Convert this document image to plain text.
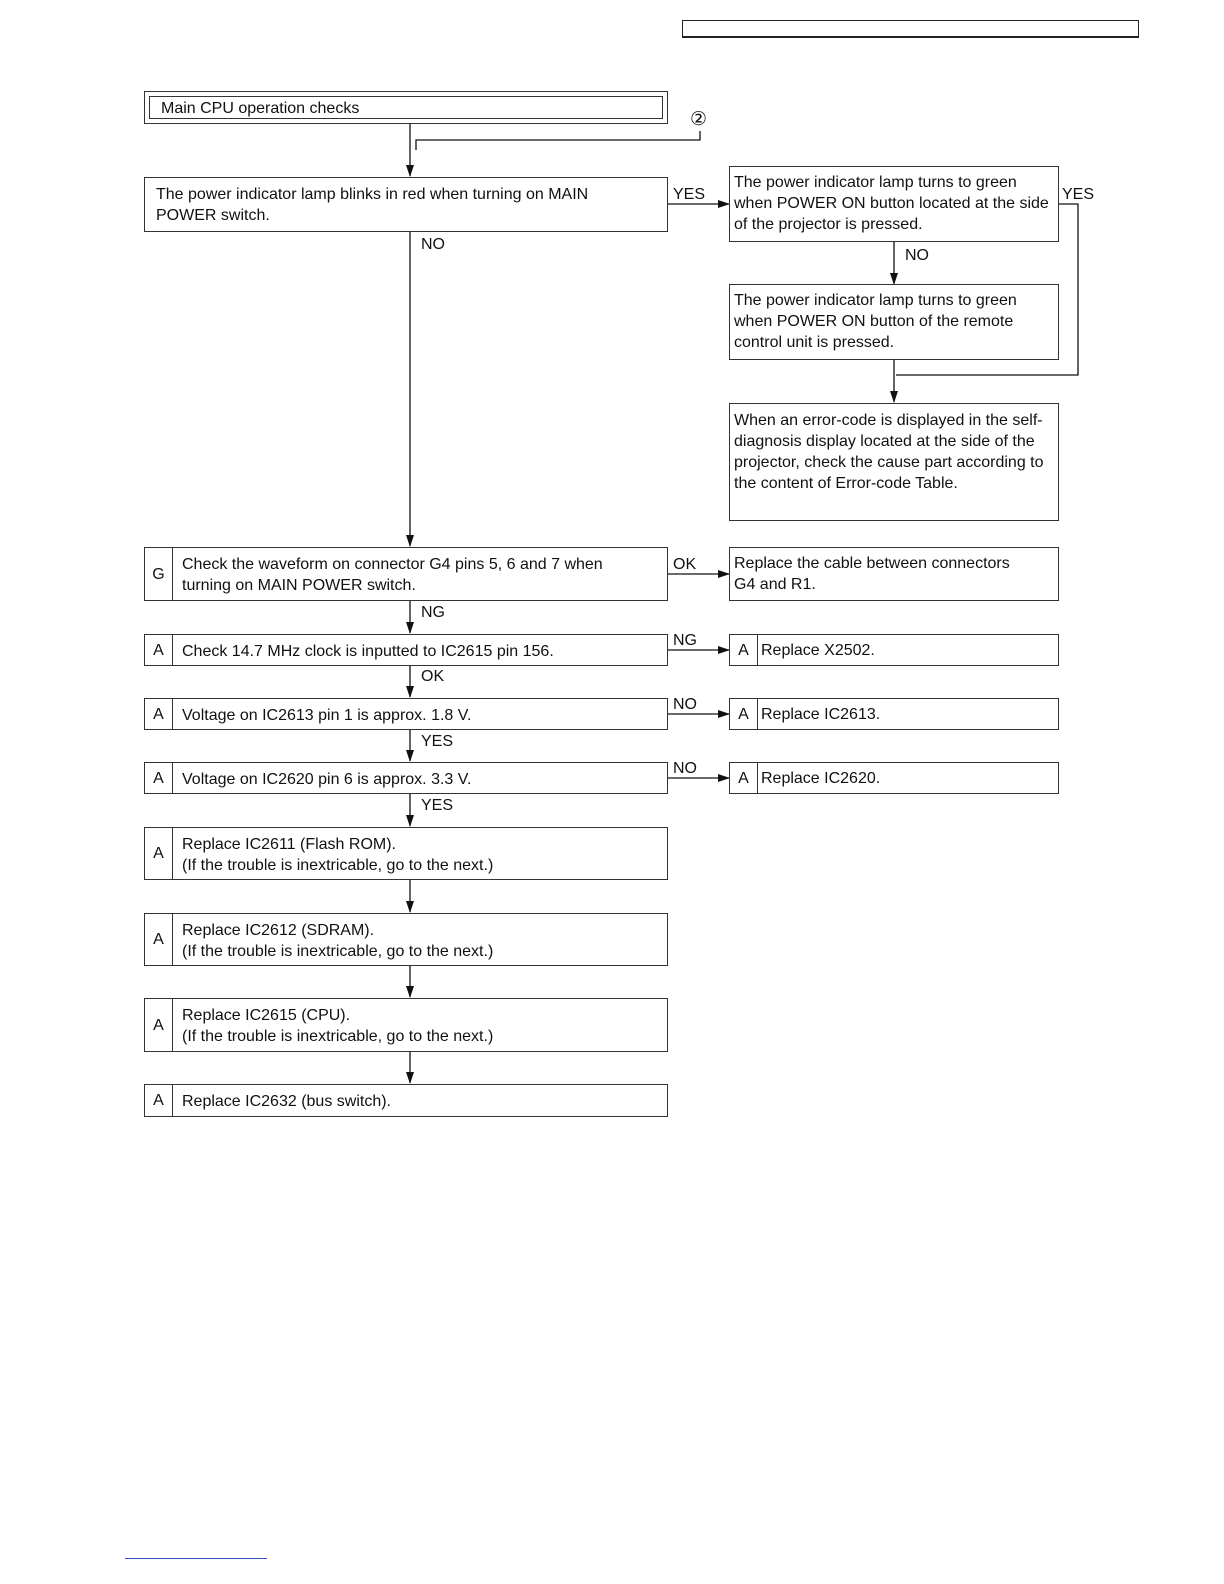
Main CPU operation checks
②
The power indicator lamp blinks in red when turning on MAIN POWER switch.
YES
NO
The power indicator lamp turns to green when POWER ON button located at the side of the projector is pressed.
YES
NO
The power indicator lamp turns to green when POWER ON button of the remote control unit is pressed.
When an error-code is displayed in the self-diagnosis display located at the side of the projector, check the cause part according to the content of Error-code Table.
G
Check the waveform on connector G4 pins 5, 6 and 7 when turning on MAIN POWER switch.
OK
NG
Replace the cable between connectors G4 and R1.
A	Check 14.7 MHz clock is inputted to IC2615 pin 156.
NG
OK
A Replace X2502.
A	Voltage on IC2613 pin 1 is approx. 1.8 V.
NO
YES
A Replace IC2613.
A	Voltage on IC2620 pin 6 is approx. 3.3 V.
NO
YES
A Replace IC2620.
A
Replace IC2611 (Flash ROM).
(If the trouble is inextricable, go to the next.)
A
Replace IC2612 (SDRAM).
(If the trouble is inextricable, go to the next.)
A
Replace IC2615 (CPU).
(If the trouble is inextricable, go to the next.)
A	Replace IC2632 (bus switch).
